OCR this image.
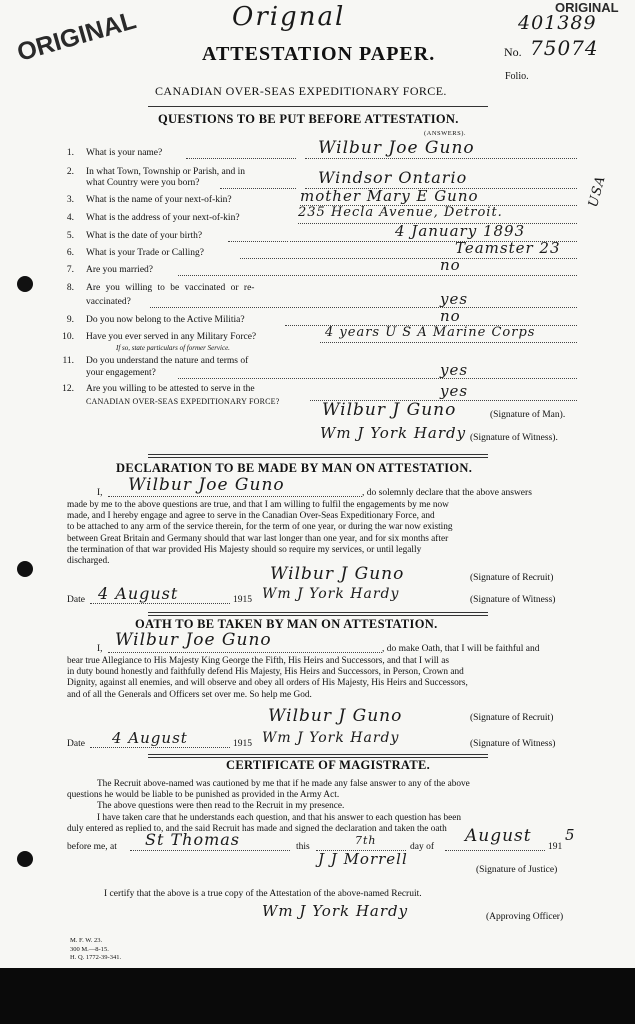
ORIGINAL	Orignal	ORIGINAL
401389
ATTESTATION PAPER.	No. 75074
Folio.
CANADIAN OVER-SEAS EXPEDITIONARY FORCE.
QUESTIONS TO BE PUT BEFORE ATTESTATION.
(ANSWERS).
1. What is your name?	Wilbur Joe Guno
2. In what Town, Township or Parish, and in
what Country were you born?	Windsor Ontario
3. What is the name of your next-of-kin?	mother Mary E Guno
4. What is the address of your next-of-kin?	235 Hecla Avenue, Detroit.
5. What is the date of your birth?	4 January 1893
6. What is your Trade or Calling?	Teamster 23
7. Are you married?	no
8. Are you willing to be vaccinated or re-
vaccinated?	yes
9. Do you now belong to the Active Militia?	no
10. Have you ever served in any Military Force?
If so, state particulars of former Service.
4 years U S A Marine Corps
11. Do you understand the nature and terms of
your engagement?	yes
12. Are you willing to be attested to serve in the
CANADIAN OVER-SEAS EXPEDITIONARY FORCE?
yes
USA
Wilbur J Guno	(Signature of Man).
Wm J York Hardy (Signature of Witness).
DECLARATION TO BE MADE BY MAN ON ATTESTATION.
I, Wilbur Joe Guno	, do solemnly declare that the above answers
made by me to the above questions are true, and that I am willing to fulfil the engagements by me now
made, and I hereby engage and agree to serve in the Canadian Over-Seas Expeditionary Force, and
to be attached to any arm of the service therein, for the term of one year, or during the war now existing
between Great Britain and Germany should that war last longer than one year, and for six months after
the termination of that war provided His Majesty should so require my services, or until legally
discharged.
Wilbur J Guno	(Signature of Recruit)
Date 4 August	1915 Wm J York Hardy	(Signature of Witness)
OATH TO BE TAKEN BY MAN ON ATTESTATION.
I, Wilbur Joe Guno	, do make Oath, that I will be faithful and
bear true Allegiance to His Majesty King George the Fifth, His Heirs and Successors, and that I will as
in duty bound honestly and faithfully defend His Majesty, His Heirs and Successors, in Person, Crown and
Dignity, against all enemies, and will observe and obey all orders of His Majesty, His Heirs and Successors,
and of all the Generals and Officers set over me. So help me God.
Wilbur J Guno	(Signature of Recruit)
Date 4 August	1915 Wm J York Hardy	(Signature of Witness)
CERTIFICATE OF MAGISTRATE.
The Recruit above-named was cautioned by me that if he made any false answer to any of the above
questions he would be liable to be punished as provided in the Army Act.
The above questions were then read to the Recruit in my presence.
I have taken care that he understands each question, and that his answer to each question has been
duly entered as replied to, and the said Recruit has made and signed the declaration and taken the oath
before me, at St Thomas	this	7th	day of
August
191
5
J J Morrell
(Signature of Justice)
I certify that the above is a true copy of the Attestation of the above-named Recruit.
Wm J York Hardy	(Approving Officer)
M. F. W. 23.
300 M.—8-15.
H. Q. 1772-39-341.
